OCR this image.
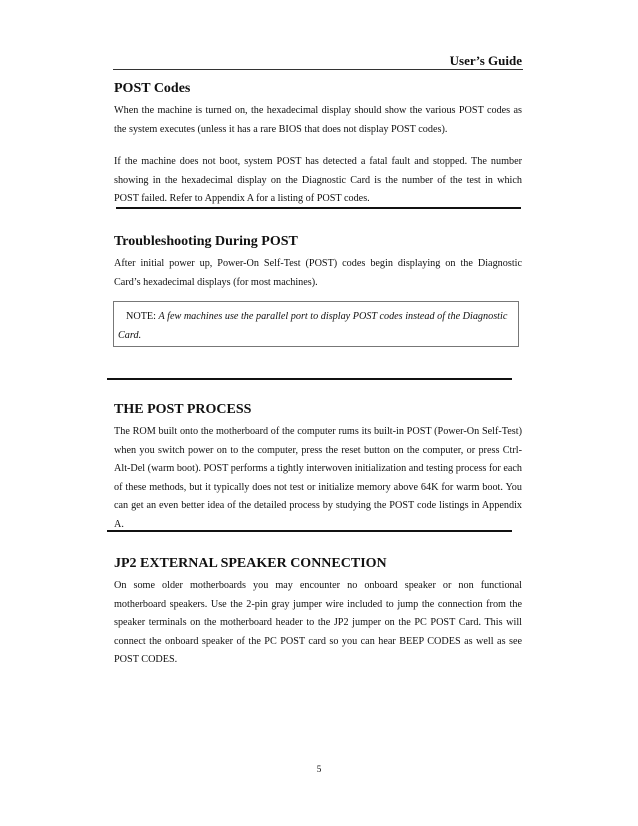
User’s Guide
POST Codes

When the machine is turned on, the hexadecimal display should show the various POST codes as the system executes (unless it has a rare BIOS that does not display POST codes).

If the machine does not boot, system POST has detected a fatal fault and stopped. The number showing in the hexadecimal display on the Diagnostic Card is the number of the test in which POST failed. Refer to Appendix A for a listing of POST codes.

Troubleshooting During POST

After initial power up, Power-On Self-Test (POST) codes begin displaying on the Diagnostic Card’s hexadecimal displays (for most machines).

NOTE: A few machines use the parallel port to display POST codes instead of the Diagnostic Card.
THE POST PROCESS

The ROM built onto the motherboard of the computer rums its built-in POST (Power-On Self-Test) when you switch power on to the computer, press the reset button on the computer, or press Ctrl-Alt-Del (warm boot). POST performs a tightly interwoven initialization and testing process for each of these methods, but it typically does not test or initialize memory above 64K for warm boot. You can get an even better idea of the detailed process by studying the POST code listings in Appendix A.

JP2 EXTERNAL SPEAKER CONNECTION

On some older motherboards you may encounter no onboard speaker or non functional motherboard speakers. Use the 2-pin gray jumper wire included to jump the connection from the speaker terminals on the motherboard header to the JP2 jumper on the PC POST Card. This will connect the onboard speaker of the PC POST card so you can hear BEEP CODES as well as see POST CODES.

5
